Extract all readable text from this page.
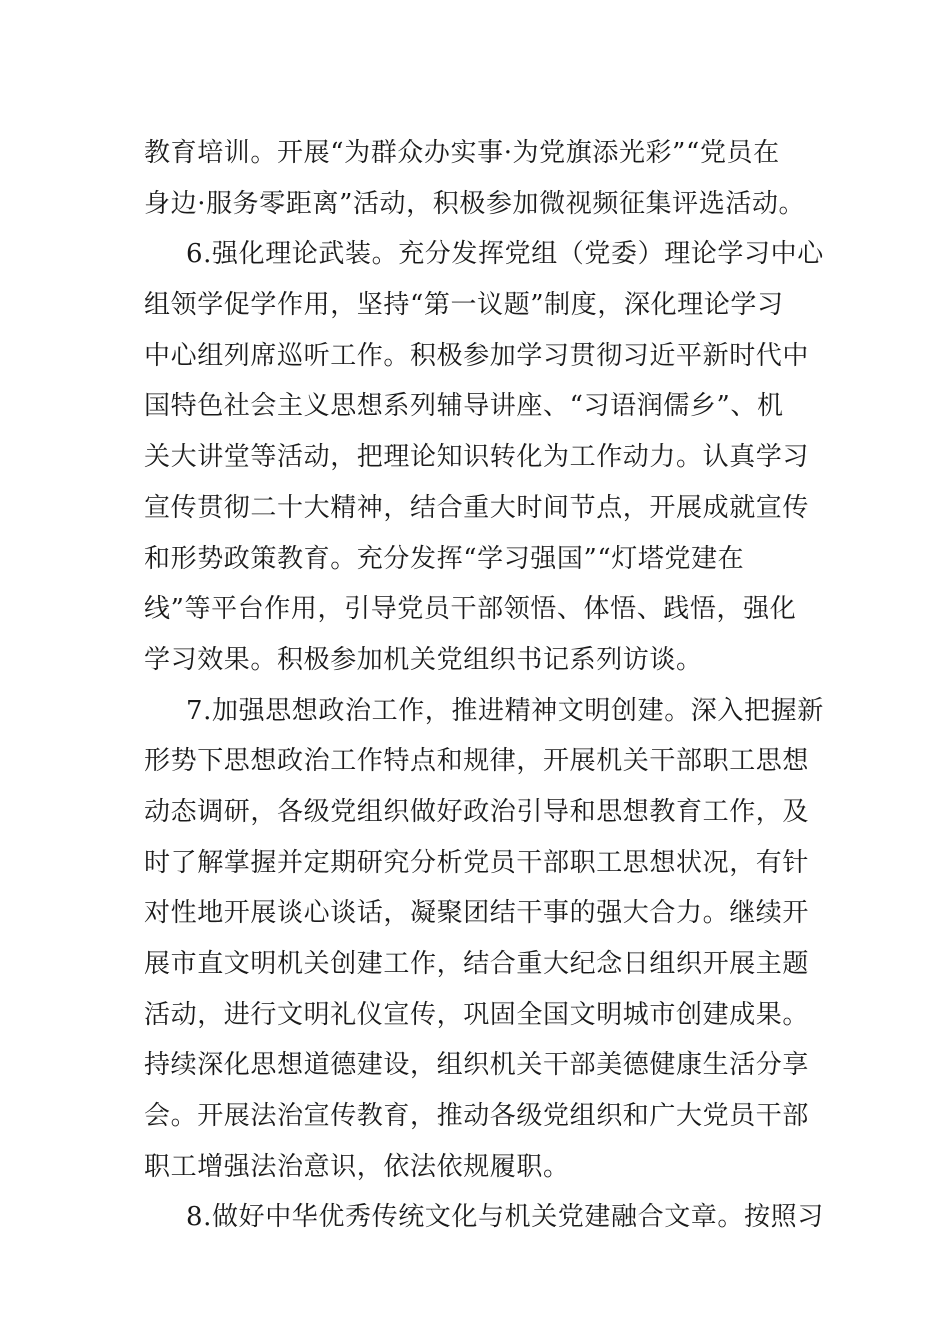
教育培训。开展“为群众办实事·为党旗添光彩”“党员在
身边·服务零距离”活动，积极参加微视频征集评选活动。
6.强化理论武装。充分发挥党组（党委）理论学习中心
组领学促学作用，坚持“第一议题”制度，深化理论学习
中心组列席巡听工作。积极参加学习贯彻习近平新时代中
国特色社会主义思想系列辅导讲座、“习语润儒乡”、机
关大讲堂等活动，把理论知识转化为工作动力。认真学习
宣传贯彻二十大精神，结合重大时间节点，开展成就宣传
和形势政策教育。充分发挥“学习强国”“灯塔党建在
线”等平台作用，引导党员干部领悟、体悟、践悟，强化
学习效果。积极参加机关党组织书记系列访谈。
7.加强思想政治工作，推进精神文明创建。深入把握新
形势下思想政治工作特点和规律，开展机关干部职工思想
动态调研，各级党组织做好政治引导和思想教育工作，及
时了解掌握并定期研究分析党员干部职工思想状况，有针
对性地开展谈心谈话，凝聚团结干事的强大合力。继续开
展市直文明机关创建工作，结合重大纪念日组织开展主题
活动，进行文明礼仪宣传，巩固全国文明城市创建成果。
持续深化思想道德建设，组织机关干部美德健康生活分享
会。开展法治宣传教育，推动各级党组织和广大党员干部
职工增强法治意识，依法依规履职。
8.做好中华优秀传统文化与机关党建融合文章。按照习
